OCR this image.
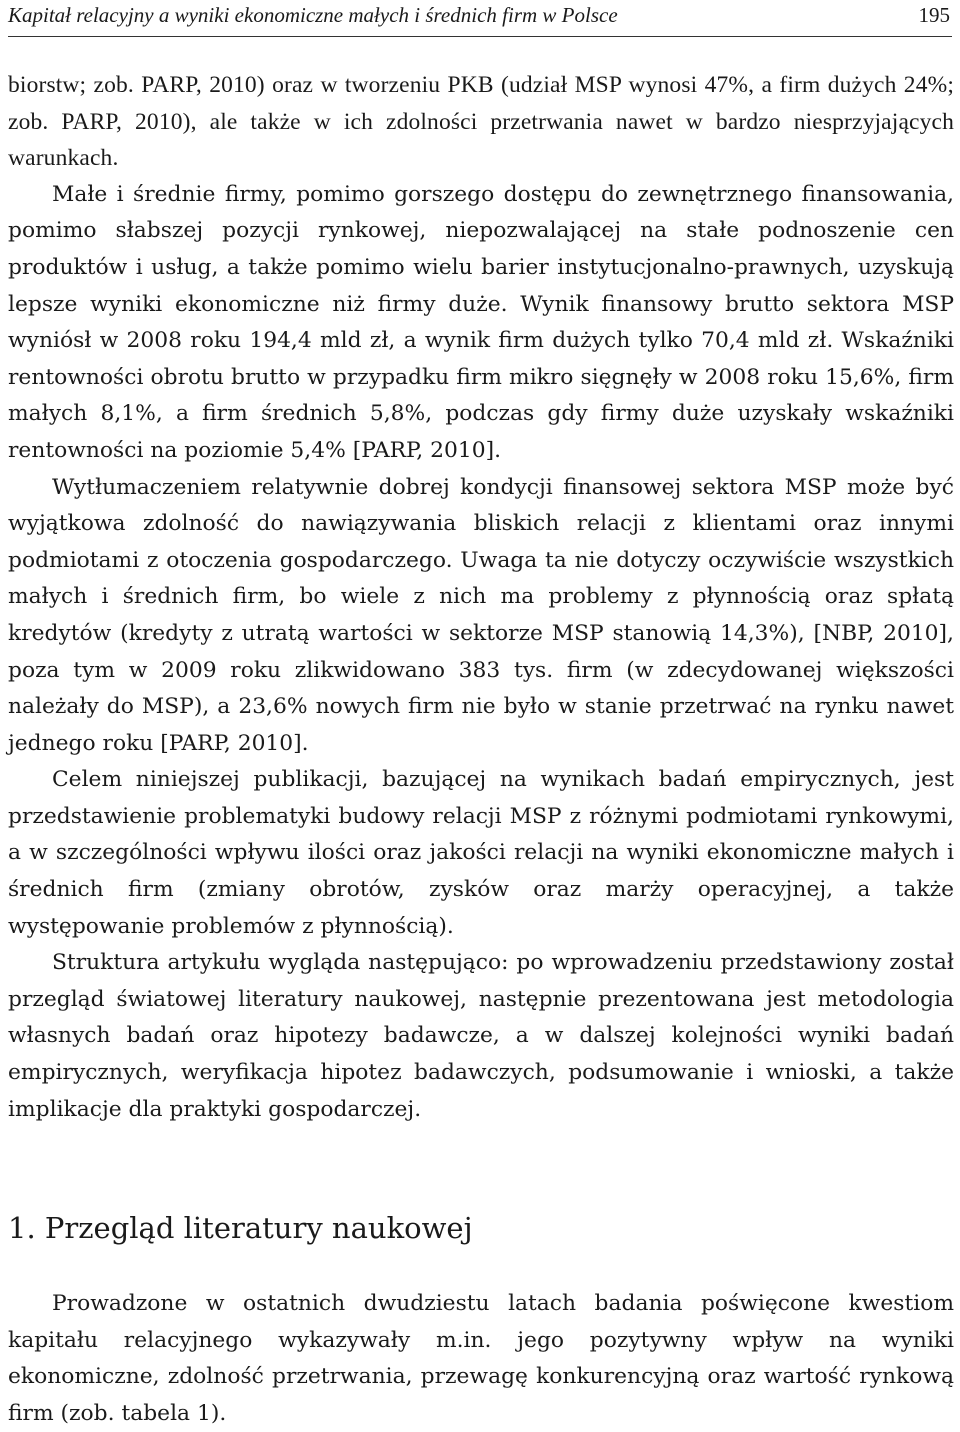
Kapitał relacyjny a wyniki ekonomiczne małych i średnich firm w Polsce	195

biorstw; zob. PARP, 2010) oraz w tworzeniu PKB (udział MSP wynosi 47%, a firm dużych 24%; zob. PARP, 2010), ale także w ich zdolności przetrwania nawet w bardzo niesprzyjających warunkach.

Małe i średnie firmy, pomimo gorszego dostępu do zewnętrznego finansowania, pomimo słabszej pozycji rynkowej, niepozwalającej na stałe podnoszenie cen produktów i usług, a także pomimo wielu barier instytucjonalno-prawnych, uzyskują lepsze wyniki ekonomiczne niż firmy duże. Wynik finansowy brutto sektora MSP wyniósł w 2008 roku 194,4 mld zł, a wynik firm dużych tylko 70,4 mld zł. Wskaźniki rentowności obrotu brutto w przypadku firm mikro sięgnęły w 2008 roku 15,6%, firm małych 8,1%, a firm średnich 5,8%, podczas gdy firmy duże uzyskały wskaźniki rentowności na poziomie 5,4% [PARP, 2010].

Wytłumaczeniem relatywnie dobrej kondycji finansowej sektora MSP może być wyjątkowa zdolność do nawiązywania bliskich relacji z klientami oraz innymi podmiotami z otoczenia gospodarczego. Uwaga ta nie dotyczy oczywiście wszystkich małych i średnich firm, bo wiele z nich ma problemy z płynnością oraz spłatą kredytów (kredyty z utratą wartości w sektorze MSP stanowią 14,3%), [NBP, 2010], poza tym w 2009 roku zlikwidowano 383 tys. firm (w zdecydowanej większości należały do MSP), a 23,6% nowych firm nie było w stanie przetrwać na rynku nawet jednego roku [PARP, 2010].

Celem niniejszej publikacji, bazującej na wynikach badań empirycznych, jest przedstawienie problematyki budowy relacji MSP z różnymi podmiotami rynkowymi, a w szczególności wpływu ilości oraz jakości relacji na wyniki ekonomiczne małych i średnich firm (zmiany obrotów, zysków oraz marży operacyjnej, a także występowanie problemów z płynnością).

Struktura artykułu wygląda następująco: po wprowadzeniu przedstawiony został przegląd światowej literatury naukowej, następnie prezentowana jest metodologia własnych badań oraz hipotezy badawcze, a w dalszej kolejności wyniki badań empirycznych, weryfikacja hipotez badawczych, podsumowanie i wnioski, a także implikacje dla praktyki gospodarczej.

1. Przegląd literatury naukowej

Prowadzone w ostatnich dwudziestu latach badania poświęcone kwestiom kapitału relacyjnego wykazywały m.in. jego pozytywny wpływ na wyniki ekonomiczne, zdolność przetrwania, przewagę konkurencyjną oraz wartość rynkową firm (zob. tabela 1).
